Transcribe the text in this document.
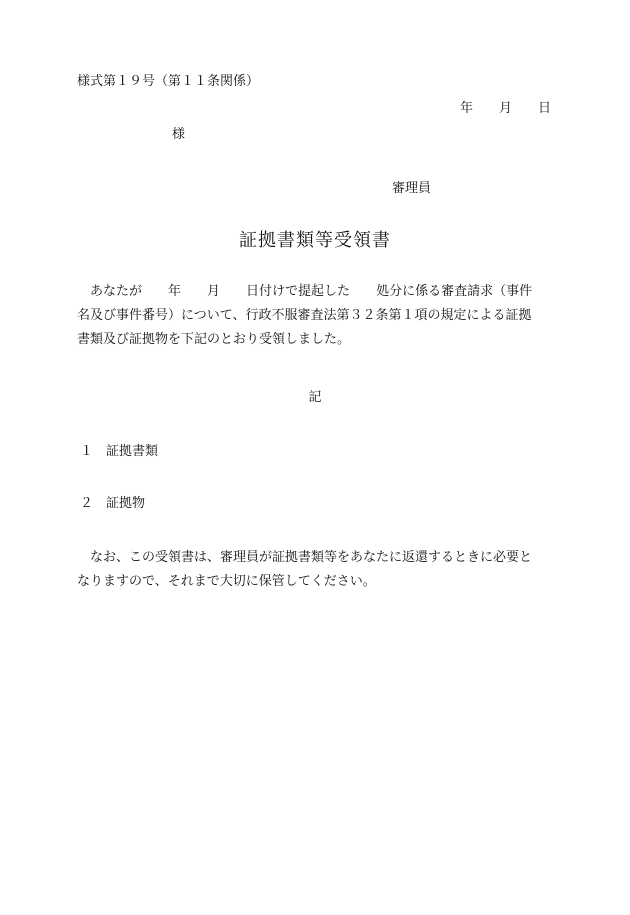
様式第１９号（第１１条関係）
年 月 日
様
審理員
証拠書類等受領書
あなたが 年 月 日付けで提起した 処分に係る審査請求（事件
名及び事件番号）について、行政不服審査法第３２条第１項の規定による証拠
書類及び証拠物を下記のとおり受領しました。
記
１ 証拠書類
２ 証拠物
なお、この受領書は、審理員が証拠書類等をあなたに返還するときに必要と
なりますので、それまで大切に保管してください。
